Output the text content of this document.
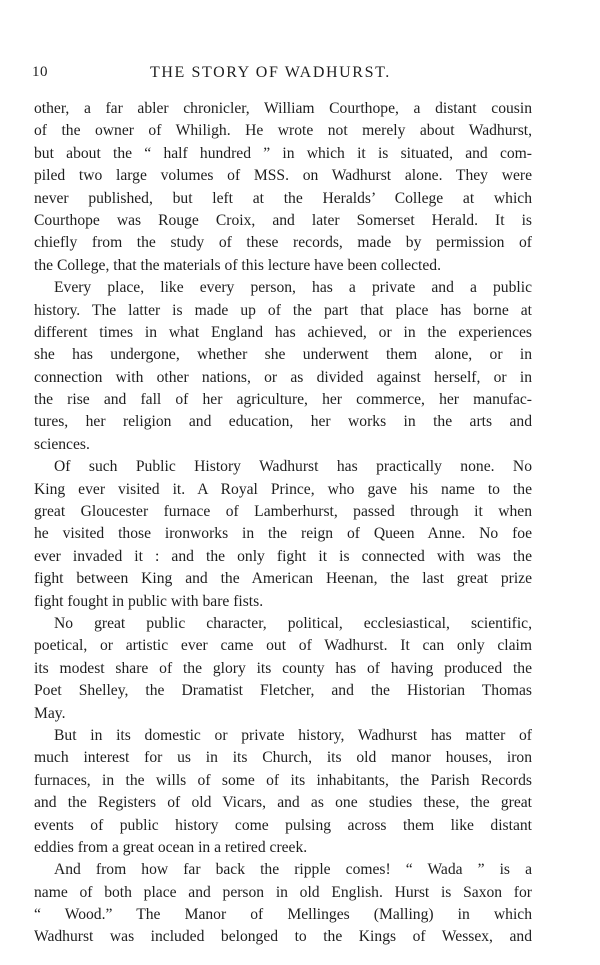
10	THE STORY OF WADHURST.
other, a far abler chronicler, William Courthope, a distant cousin
of the owner of Whiligh. He wrote not merely about Wadhurst,
but about the “ half hundred ” in which it is situated, and com-
piled two large volumes of MSS. on Wadhurst alone. They were
never published, but left at the Heralds’ College at which
Courthope was Rouge Croix, and later Somerset Herald. It is
chiefly from the study of these records, made by permission of
the College, that the materials of this lecture have been collected.
Every place, like every person, has a private and a public
history. The latter is made up of the part that place has borne at
different times in what England has achieved, or in the experiences
she has undergone, whether she underwent them alone, or in
connection with other nations, or as divided against herself, or in
the rise and fall of her agriculture, her commerce, her manufac-
tures, her religion and education, her works in the arts and
sciences.
Of such Public History Wadhurst has practically none. No
King ever visited it. A Royal Prince, who gave his name to the
great Gloucester furnace of Lamberhurst, passed through it when
he visited those ironworks in the reign of Queen Anne. No foe
ever invaded it : and the only fight it is connected with was the
fight between King and the American Heenan, the last great prize
fight fought in public with bare fists.
No great public character, political, ecclesiastical, scientific,
poetical, or artistic ever came out of Wadhurst. It can only claim
its modest share of the glory its county has of having produced the
Poet Shelley, the Dramatist Fletcher, and the Historian Thomas
May.
But in its domestic or private history, Wadhurst has matter of
much interest for us in its Church, its old manor houses, iron
furnaces, in the wills of some of its inhabitants, the Parish Records
and the Registers of old Vicars, and as one studies these, the great
events of public history come pulsing across them like distant
eddies from a great ocean in a retired creek.
And from how far back the ripple comes! “ Wada ” is a
name of both place and person in old English. Hurst is Saxon for
“ Wood.” The Manor of Mellinges (Malling) in which
Wadhurst was included belonged to the Kings of Wessex, and
